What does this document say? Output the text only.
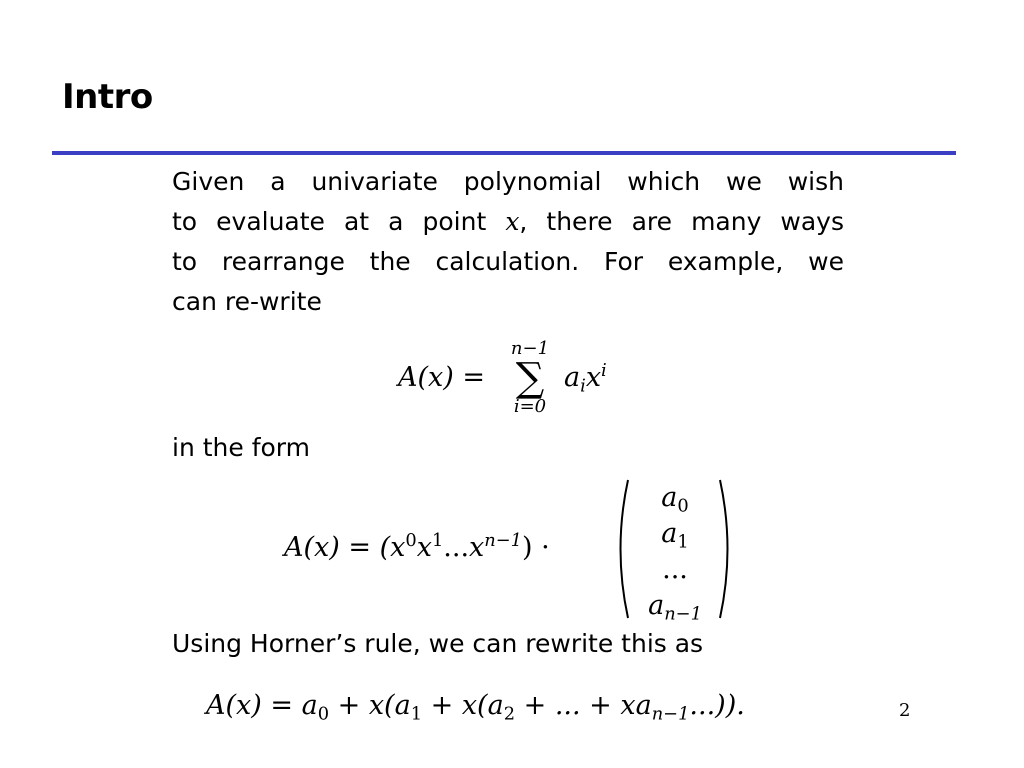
Intro
Given a univariate polynomial which we wish
to evaluate at a point x, there are many ways
to rearrange the calculation. For example, we
can re-write
A(x) =
n−1
∑
i=0
$a_ix^i$
in the form
$A(x) = (x^0x^1...x^{n-1})$ ·
$a_0$
$a_1$
...
$a_{n-1}$
Using Horner’s rule, we can rewrite this as
$A(x) = a_0 + x(a_1 + x(a_2$ + ... + $xa_{n-1}$...)).	2
